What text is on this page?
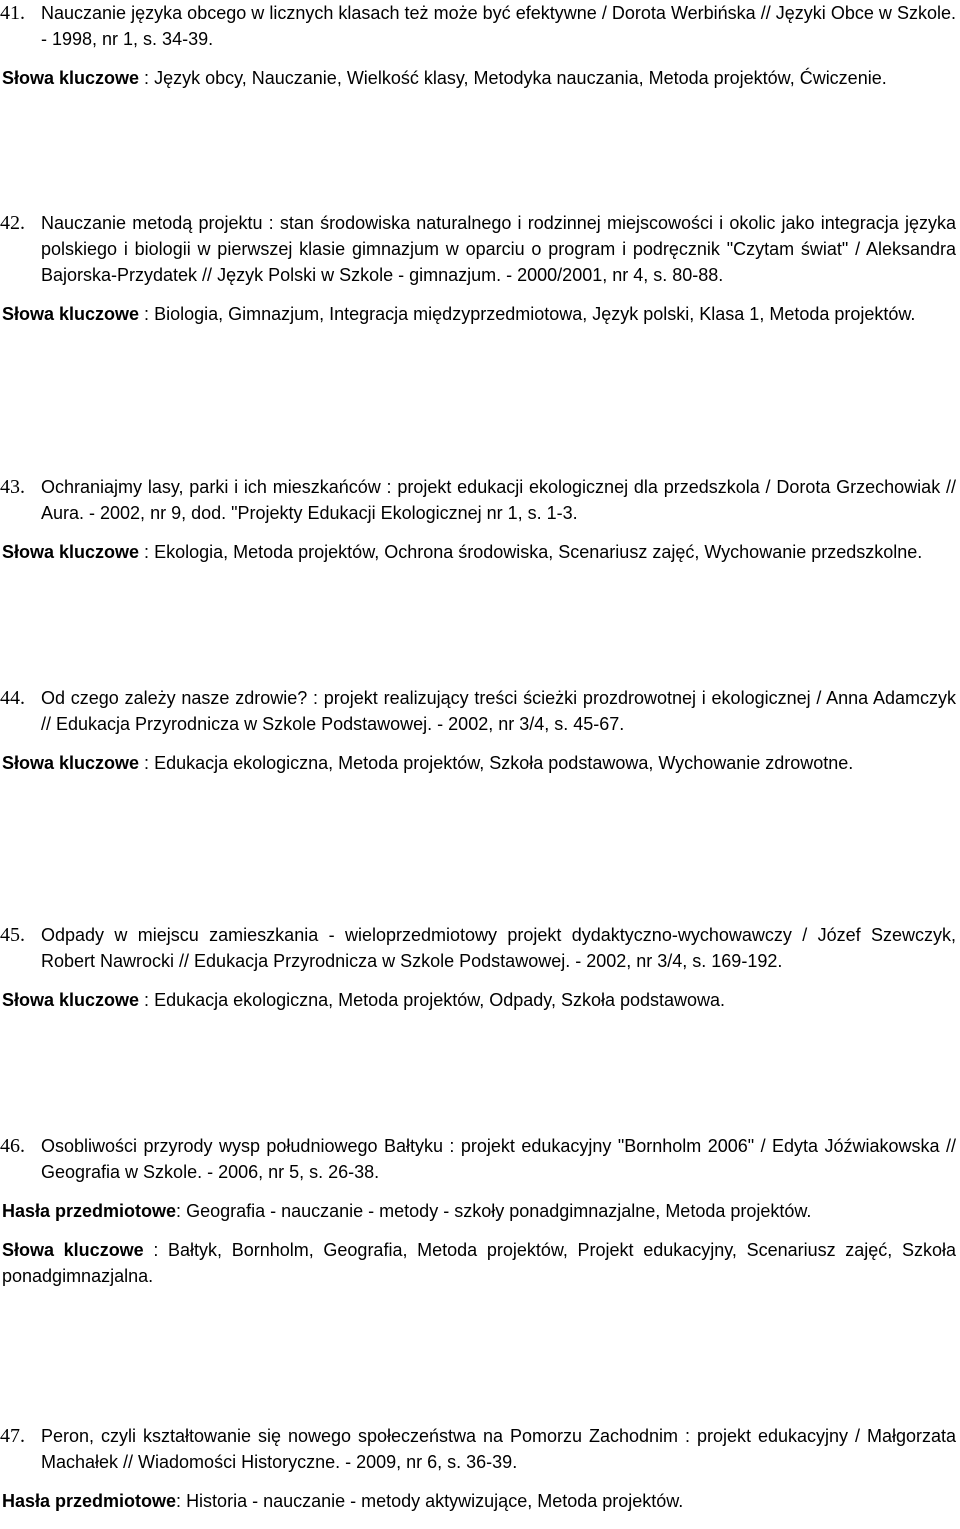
41. Nauczanie języka obcego w licznych klasach też może być efektywne / Dorota Werbińska // Języki Obce w Szkole. - 1998, nr 1, s. 34-39.
Słowa kluczowe : Język obcy, Nauczanie, Wielkość klasy, Metodyka nauczania, Metoda projektów, Ćwiczenie.
42. Nauczanie metodą projektu : stan środowiska naturalnego i rodzinnej miejscowości i okolic jako integracja języka polskiego i biologii w pierwszej klasie gimnazjum w oparciu o program i podręcznik "Czytam świat" / Aleksandra Bajorska-Przydatek // Język Polski w Szkole - gimnazjum. - 2000/2001, nr 4, s. 80-88.
Słowa kluczowe : Biologia, Gimnazjum, Integracja międzyprzedmiotowa, Język polski, Klasa 1, Metoda projektów.
43. Ochraniajmy lasy, parki i ich mieszkańców : projekt edukacji ekologicznej dla przedszkola / Dorota Grzechowiak // Aura. - 2002, nr 9, dod. "Projekty Edukacji Ekologicznej nr 1, s. 1-3.
Słowa kluczowe : Ekologia, Metoda projektów, Ochrona środowiska, Scenariusz zajęć, Wychowanie przedszkolne.
44. Od czego zależy nasze zdrowie? : projekt realizujący treści ścieżki prozdrowotnej i ekologicznej / Anna Adamczyk // Edukacja Przyrodnicza w Szkole Podstawowej. - 2002, nr 3/4, s. 45-67.
Słowa kluczowe : Edukacja ekologiczna, Metoda projektów, Szkoła podstawowa, Wychowanie zdrowotne.
45. Odpady w miejscu zamieszkania - wieloprzedmiotowy projekt dydaktyczno-wychowawczy / Józef Szewczyk, Robert Nawrocki // Edukacja Przyrodnicza w Szkole Podstawowej. - 2002, nr 3/4, s. 169-192.
Słowa kluczowe : Edukacja ekologiczna, Metoda projektów, Odpady, Szkoła podstawowa.
46. Osobliwości przyrody wysp południowego Bałtyku : projekt edukacyjny "Bornholm 2006" / Edyta Jóźwiakowska // Geografia w Szkole. - 2006, nr 5, s. 26-38.
Hasła przedmiotowe: Geografia - nauczanie - metody - szkoły ponadgimnazjalne, Metoda projektów.
Słowa kluczowe : Bałtyk, Bornholm, Geografia, Metoda projektów, Projekt edukacyjny, Scenariusz zajęć, Szkoła ponadgimnazjalna.
47. Peron, czyli kształtowanie się nowego społeczeństwa na Pomorzu Zachodnim : projekt edukacyjny / Małgorzata Machałek // Wiadomości Historyczne. - 2009, nr 6, s. 36-39.
Hasła przedmiotowe: Historia - nauczanie - metody aktywizujące, Metoda projektów.
